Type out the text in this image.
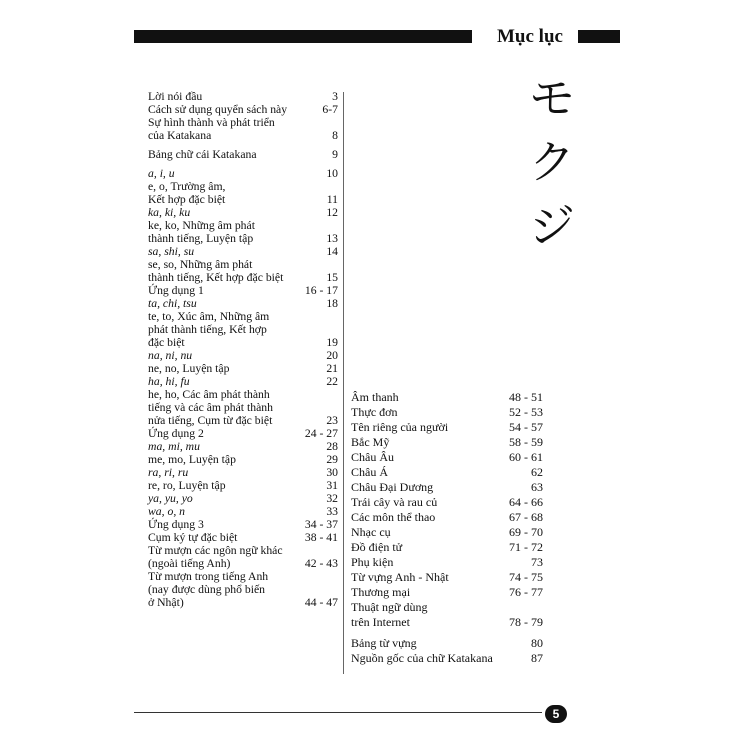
Mục lục
モ
ク
ジ
Lời nói đầu	3
Cách sử dụng quyển sách này	6-7
Sự hình thành và phát triển
của Katakana	8
Bảng chữ cái Katakana	9
a, i, u	10
e, o, Trường âm,
Kết hợp đặc biệt	11
ka, ki, ku	12
ke, ko, Những âm phát
thành tiếng, Luyện tập	13
sa, shi, su	14
se, so, Những âm phát
thành tiếng, Kết hợp đặc biệt	15
Ứng dụng 1	16 - 17
ta, chi, tsu	18
te, to, Xúc âm, Những âm
phát thành tiếng, Kết hợp
đặc biệt	19
na, ni, nu	20
ne, no, Luyện tập	21
ha, hi, fu	22
he, ho, Các âm phát thành
tiếng và các âm phát thành
nửa tiếng, Cụm từ đặc biệt	23
Ứng dụng 2	24 - 27
ma, mi, mu	28
me, mo, Luyện tập	29
ra, ri, ru	30
re, ro, Luyện tập	31
ya, yu, yo	32
wa, o, n	33
Ứng dụng 3	34 - 37
Cụm ký tự đặc biệt	38 - 41
Từ mượn các ngôn ngữ khác
(ngoài tiếng Anh)	42 - 43
Từ mượn trong tiếng Anh
(nay được dùng phổ biến
ở Nhật)	44 - 47
Âm thanh	48 - 51
Thực đơn	52 - 53
Tên riêng của người	54 - 57
Bắc Mỹ	58 - 59
Châu Âu	60 - 61
Châu Á	62
Châu Đại Dương	63
Trái cây và rau củ	64 - 66
Các môn thể thao	67 - 68
Nhạc cụ	69 - 70
Đồ điện tử	71 - 72
Phụ kiện	73
Từ vựng Anh - Nhật	74 - 75
Thương mại	76 - 77
Thuật ngữ dùng
trên Internet	78 - 79
Bảng từ vựng	80
Nguồn gốc của chữ Katakana	87
5
